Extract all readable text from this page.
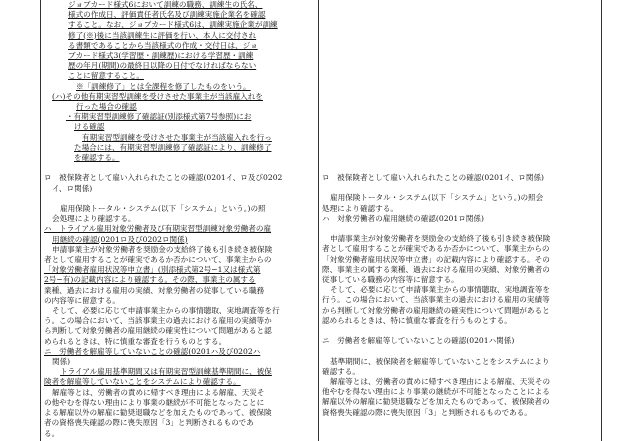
ジョブカード様式6において訓練の職務、訓練生の氏名、

様式の作成日、評価責任者氏名及び訓練実施企業名を確認

すること。なお、ジョブカード様式6は、訓練実施企業が訓練

修了(※)後に当該訓練生に評価を行い、本人に交付され

る書類であることから当該様式の作成・交付日は、ジョ

ブカード様式3(学習歴・訓練歴)における学習歴・訓練

歴の年月(期間)の最終日以降の日付でなければならない

ことに留意すること。

※「訓練修了」とは全課程を修了したものをいう。

(ハ)その他有期実習型訓練を受けさせた事業主が当該雇入れを

行った場合の確認

・有期実習型訓練修了確認証(別添様式第7号参照)にお

ける確認

有期実習型訓練を受けさせた事業主が当該雇入れを行っ

た場合には、有期実習型訓練修了確認証により、訓練修了

を確認する。

ロ　被保険者として雇い入れられたことの確認(0201イ、ロ及び0202

イ、ロ関係)

雇用保険トータル・システム(以下「システム」という。)の照

会処理により確認する。

ハ　トライアル雇用対象労働者及び有期実習型訓練対象労働者の雇

用継続の確認(0201ロ及び0202ロ関係)

申請事業主が対象労働者を奨励金の支給終了後も引き続き被保険

者として雇用することが確実であるか否かについて、事業主からの

「対象労働者雇用状況等申立書」(別添様式第2号−1又は様式第

2号−有)の記載内容により確認する。その際、事業主の属する

業種、過去における雇用の実績、対象労働者の従事している職務

の内容等に留意する。

そして、必要に応じて申請事業主からの事情聴取、実地調査等を行

う。この場合において、当該事業主の過去における雇用の実績等か

ら判断して対象労働者の雇用継続の確実性について問題があると認

められるときは、特に慎重な審査を行うものとする。

ニ　労働者を解雇等していないことの確認(0201ハ及び0202ハ

関係)

トライアル雇用基準期間又は有期実習型訓練基準期間に、被保

険者を解雇等していないことをシステムにより確認する。

解雇等とは、労働者の責めに帰すべき理由による解雇、天災そ

の他やむを得ない理由により事業の継続が不可能となったことに

よる解雇以外の解雇に勧奨退職などを加えたものであって、被保険

者の資格喪失確認の際に喪失原因「3」と判断されるものであ

る。

ロ　被保険者として雇い入れられたことの確認(0201イ、ロ関係)

雇用保険トータル・システム(以下「システム」という。)の照会

処理により確認する。

ハ　対象労働者の雇用継続の確認(0201ロ関係)

申請事業主が対象労働者を奨励金の支給終了後も引き続き被保険

者として雇用することが確実であるか否かについて、事業主からの

「対象労働者雇用状況等申立書」の記載内容により確認する。その

際、事業主の属する業種、過去における雇用の実績、対象労働者の

従事している職務の内容等に留意する。

そして、必要に応じて申請事業主からの事情聴取、実地調査等を

行う。この場合において、当該事業主の過去における雇用の実績等

から判断して対象労働者の雇用継続の確実性について問題があると

認められるときは、特に慎重な審査を行うものとする。

ニ　労働者を解雇等していないことの確認(0201ハ関係)

基準期間に、被保険者を解雇等していないことをシステムにより

確認する。

解雇等とは、労働者の責めに帰すべき理由による解雇、天災その

他やむを得ない理由により事業の継続が不可能となったことによる

解雇以外の解雇に勧奨退職などを加えたものであって、被保険者の

資格喪失確認の際に喪失原因「3」と判断されるものである。
